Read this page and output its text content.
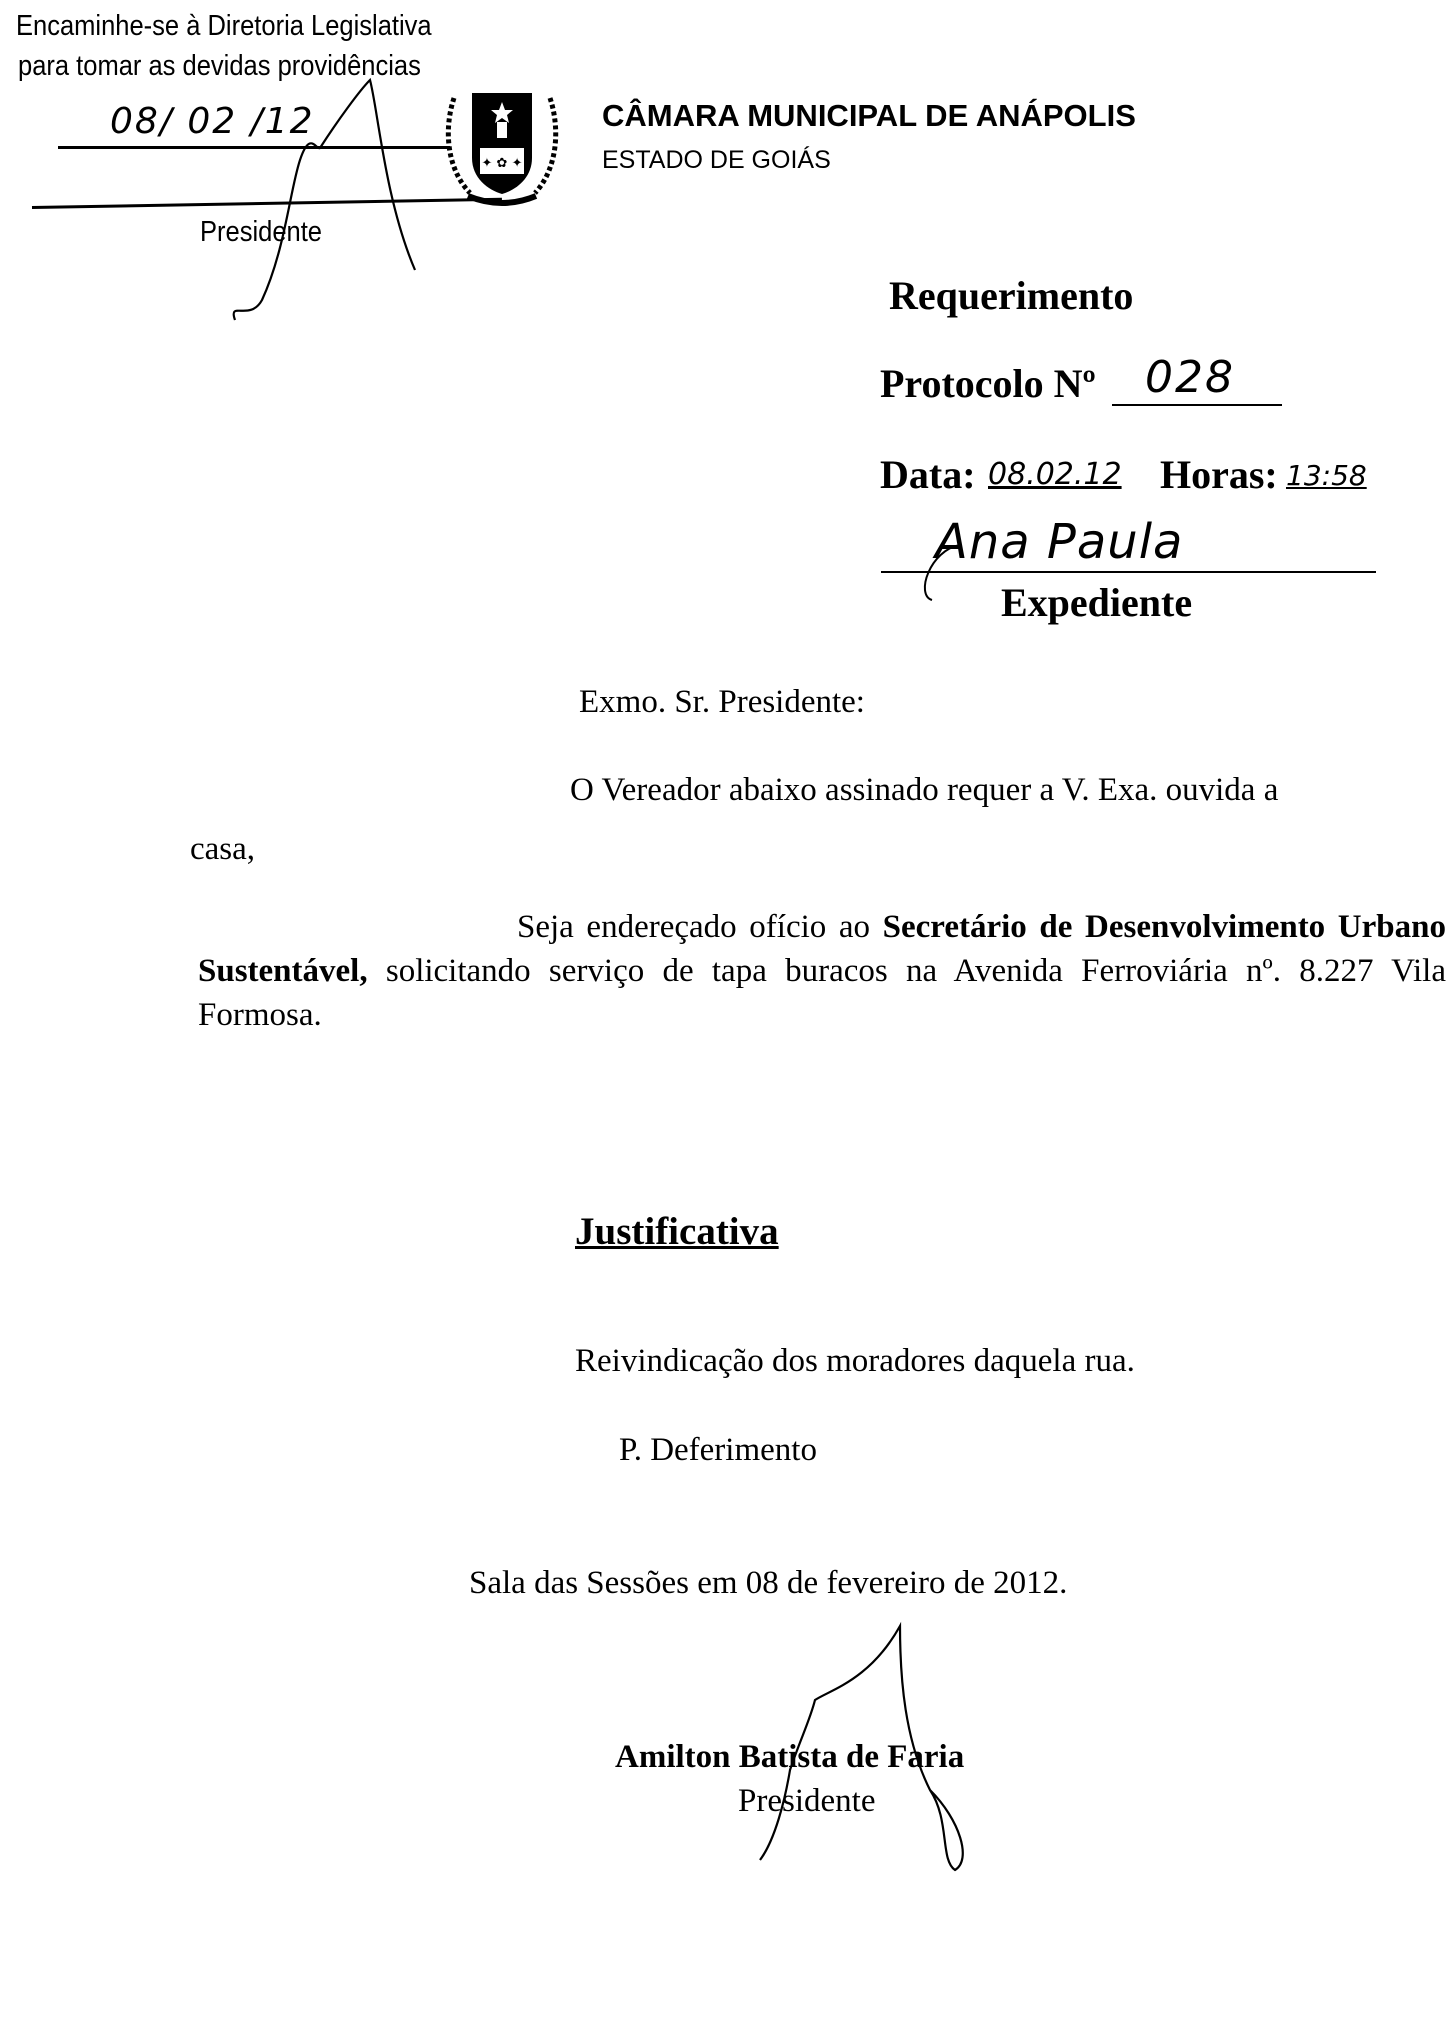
Encaminhe-se à Diretoria Legislativa
para tomar as devidas providências
08/ 02 /12
Presidente
✦ ✿ ✦
CÂMARA MUNICIPAL DE ANÁPOLIS
ESTADO DE GOIÁS
Requerimento
Protocolo Nº 028
Data: 08.02.12 Horas: 13:58
Ana Paula
Expediente
Exmo. Sr. Presidente:
O Vereador abaixo assinado requer a V. Exa. ouvida a
casa,
Seja endereçado ofício ao Secretário de Desenvolvimento Urbano Sustentável, solicitando serviço de tapa buracos na Avenida Ferroviária nº. 8.227 Vila Formosa.
Justificativa
Reivindicação dos moradores daquela rua.
P. Deferimento
Sala das Sessões em 08 de fevereiro de 2012.
Amilton Batista de Faria
Presidente
